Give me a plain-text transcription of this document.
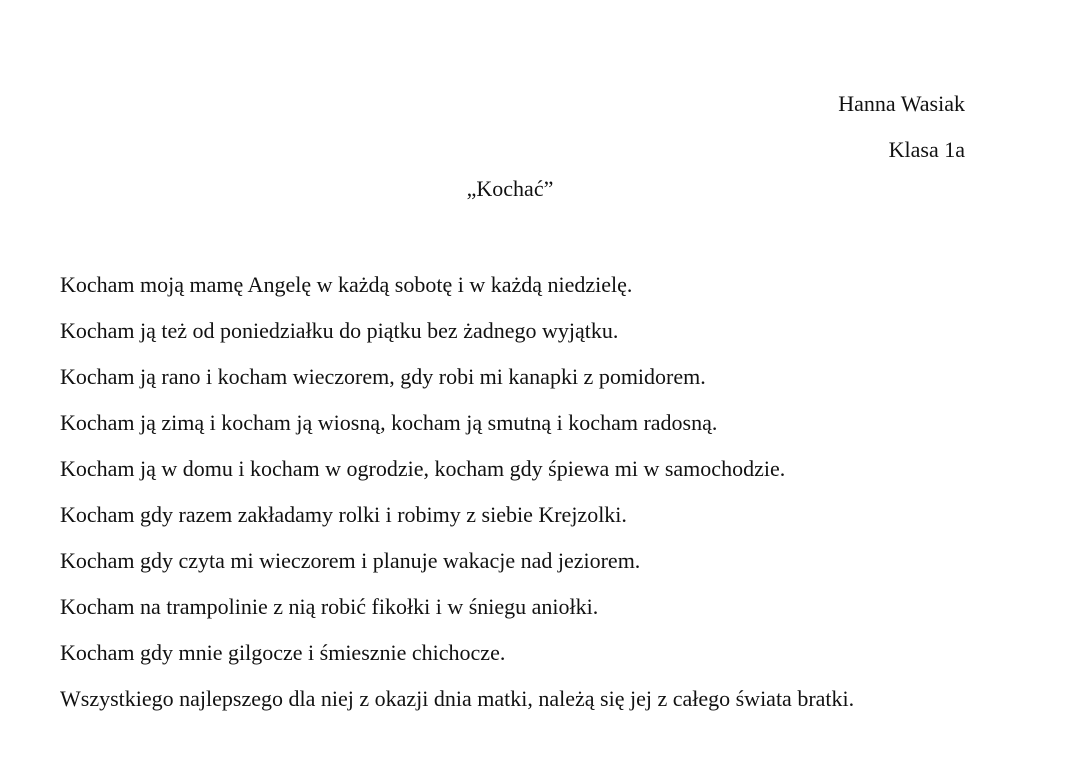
Hanna Wasiak
Klasa 1a
„Kochać”
Kocham moją mamę Angelę w każdą sobotę i w każdą niedzielę.
Kocham ją też od poniedziałku do piątku bez żadnego wyjątku.
Kocham ją rano i kocham wieczorem, gdy robi mi kanapki z pomidorem.
Kocham ją zimą i kocham ją wiosną, kocham ją smutną i kocham radosną.
Kocham ją w domu i kocham w ogrodzie, kocham gdy śpiewa mi w samochodzie.
Kocham gdy razem zakładamy rolki i robimy z siebie Krejzolki.
Kocham gdy czyta mi wieczorem i planuje wakacje nad jeziorem.
Kocham na trampolinie z nią robić fikołki i w śniegu aniołki.
Kocham gdy mnie gilgocze i śmiesznie chichocze.
Wszystkiego najlepszego dla niej z okazji dnia matki, należą się jej z całego świata bratki.
